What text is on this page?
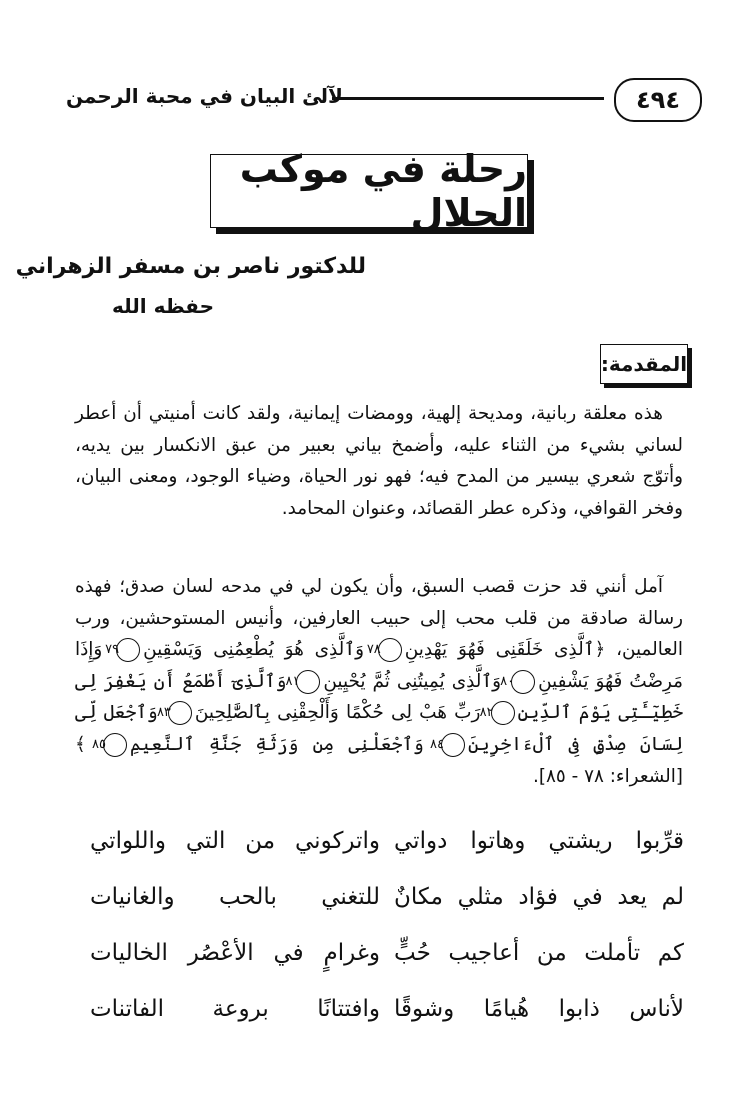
٤٩٤
لآلئ البيان في محبة الرحمن
رحلة في موكب الجلال
للدكتور ناصر بن مسفر الزهراني
حفظه الله
المقدمة:

هذه معلقة ربانية، ومديحة إلهية، وومضات إيمانية، ولقد كانت أمنيتي أن أعطر لساني بشيء من الثناء عليه، وأضمخ بياني بعبير من عبق الانكسار بين يديه، وأتوّج شعري بيسير من المدح فيه؛ فهو نور الحياة، وضياء الوجود، ومعنى البيان، وفخر القوافي، وذكره عطر القصائد، وعنوان المحامد.

آمل أنني قد حزت قصب السبق، وأن يكون لي في مدحه لسان صدق؛ فهذه رسالة صادقة من قلب محب إلى حبيب العارفين، وأنيس المستوحشين، ورب العالمين، ﴿ٱلَّذِى خَلَقَنِى فَهُوَ يَهْدِينِ٧٨ وَٱلَّذِى هُوَ يُطْعِمُنِى وَيَسْقِينِ٧٩ وَإِذَا مَرِضْتُ فَهُوَ يَشْفِينِ٨٠ وَٱلَّذِى يُمِيتُنِى ثُمَّ يُحْيِينِ٨١ وَٱلَّذِىٓ أَطْمَعُ أَن يَغْفِرَ لِى خَطِيٓـَٔتِى يَوْمَ ٱلدِّينِ٨٢ رَبِّ هَبْ لِى حُكْمًا وَأَلْحِقْنِى بِٱلصَّٰلِحِينَ٨٣ وَٱجْعَل لِّى لِسَانَ صِدْقٍ فِى ٱلْءَاخِرِينَ٨٤ وَٱجْعَلْنِى مِن وَرَثَةِ جَنَّةِ ٱلنَّعِيمِ٨٥ ﴾ [الشعراء: ٧٨ - ٨٥].

قرِّبوا ريشتي وهاتوا دواتي
واتركوني من التي واللواتي
لم يعد في فؤاد مثلي مكانٌ
للتغني بالحب والغانيات
كم تأملت من أعاجيب حُبٍّ
وغرامٍ في الأعْصُر الخاليات
لأناس ذابوا هُيامًا وشوقًا
وافتتانًا بروعة الفاتنات
